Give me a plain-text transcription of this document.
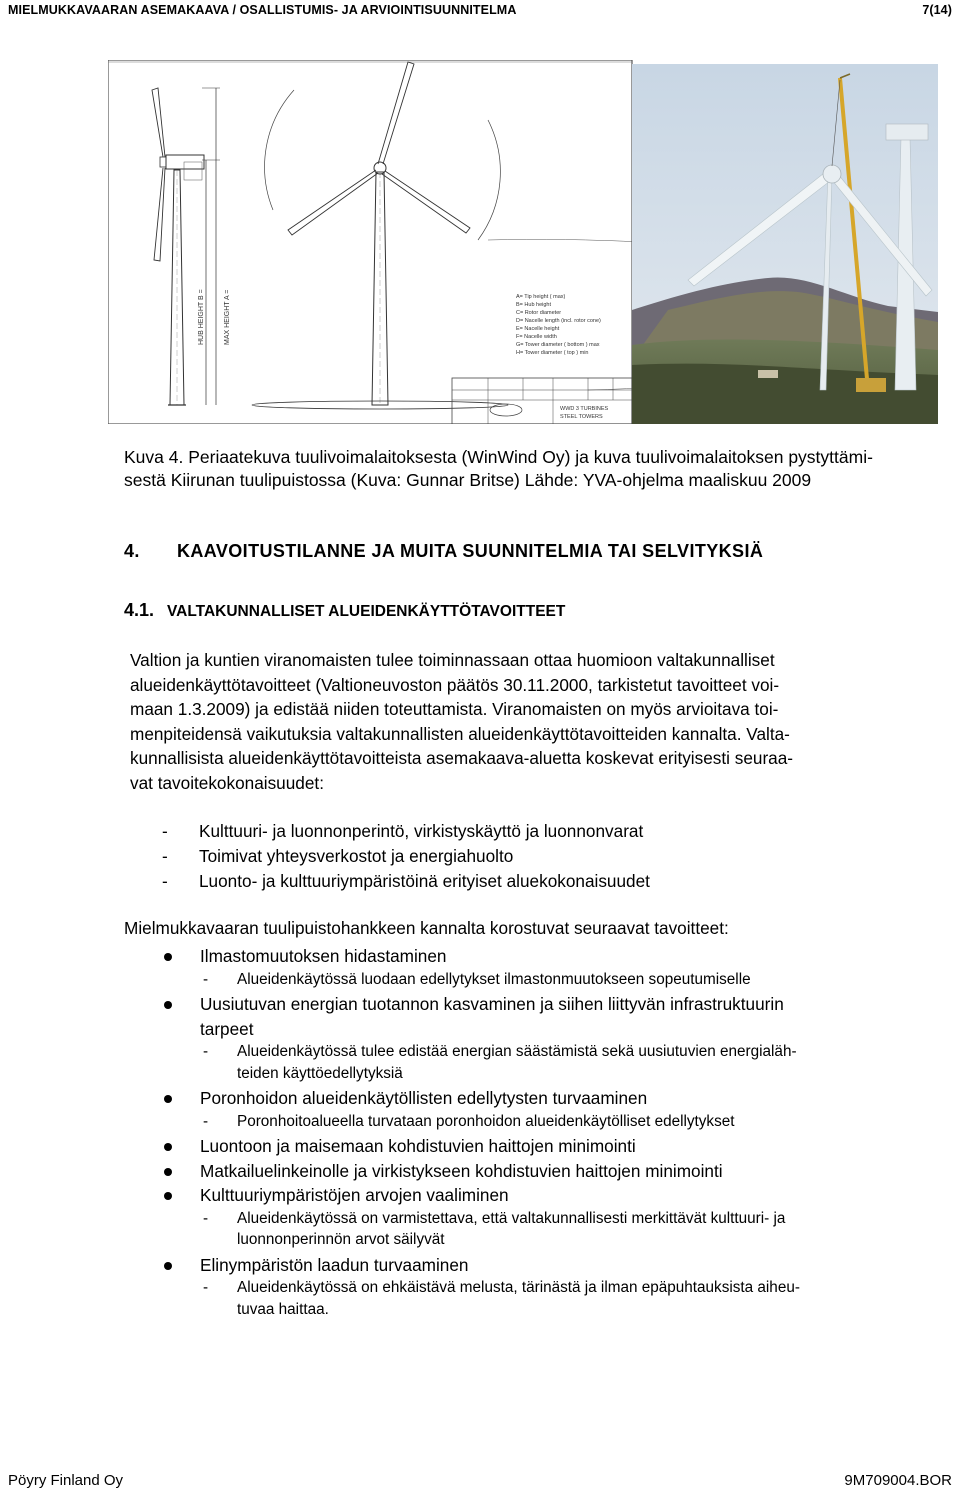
MIELMUKKAVAARAN ASEMAKAAVA / OSALLISTUMIS- JA ARVIOINTISUUNNITELMA	7(14)
HUB HEIGHT B =	MAX HEIGHT A =	A= Tip height ( max)
B= Hub height
C= Rotor diameter
D= Nacelle length (incl. rotor cone)
E= Nacelle height
F= Nacelle width
G= Tower diameter ( bottom ) max
H= Tower diameter ( top ) min
WWD 3 TURBINES
STEEL TOWERS
Kuva 4. Periaatekuva tuulivoimalaitoksesta (WinWind Oy) ja kuva tuulivoimalaitoksen pystyttämi-
sestä Kiirunan tuulipuistossa (Kuva: Gunnar Britse) Lähde: YVA-ohjelma maaliskuu 2009
4. KAAVOITUSTILANNE JA MUITA SUUNNITELMIA TAI SELVITYKSIÄ
4.1. VALTAKUNNALLISET ALUEIDENKÄYTTÖTAVOITTEET
Valtion ja kuntien viranomaisten tulee toiminnassaan ottaa huomioon valtakunnalliset
alueidenkäyttötavoitteet (Valtioneuvoston päätös 30.11.2000, tarkistetut tavoitteet voi-
maan 1.3.2009) ja edistää niiden toteuttamista. Viranomaisten on myös arvioitava toi-
menpiteidensä vaikutuksia valtakunnallisten alueidenkäyttötavoitteiden kannalta. Valta-
kunnallisista alueidenkäyttötavoitteista asemakaava-aluetta koskevat erityisesti seuraa-
vat tavoitekokonaisuudet:
- Kulttuuri- ja luonnonperintö, virkistyskäyttö ja luonnonvarat
- Toimivat yhteysverkostot ja energiahuolto
- Luonto- ja kulttuuriympäristöinä erityiset aluekokonaisuudet
Mielmukkavaaran tuulipuistohankkeen kannalta korostuvat seuraavat tavoitteet:
Ilmastomuutoksen hidastaminen
- Alueidenkäytössä luodaan edellytykset ilmastonmuutokseen sopeutumiselle
Uusiutuvan energian tuotannon kasvaminen ja siihen liittyvän infrastruktuurin
tarpeet
- Alueidenkäytössä tulee edistää energian säästämistä sekä uusiutuvien energialäh-
teiden käyttöedellytyksiä
Poronhoidon alueidenkäytöllisten edellytysten turvaaminen
- Poronhoitoalueella turvataan poronhoidon alueidenkäytölliset edellytykset
Luontoon ja maisemaan kohdistuvien haittojen minimointi
Matkailuelinkeinolle ja virkistykseen kohdistuvien haittojen minimointi
Kulttuuriympäristöjen arvojen vaaliminen
- Alueidenkäytössä on varmistettava, että valtakunnallisesti merkittävät kulttuuri- ja
luonnonperinnön arvot säilyvät
Elinympäristön laadun turvaaminen
- Alueidenkäytössä on ehkäistävä melusta, tärinästä ja ilman epäpuhtauksista aiheu-
tuvaa haittaa.
Pöyry Finland Oy	9M709004.BOR
